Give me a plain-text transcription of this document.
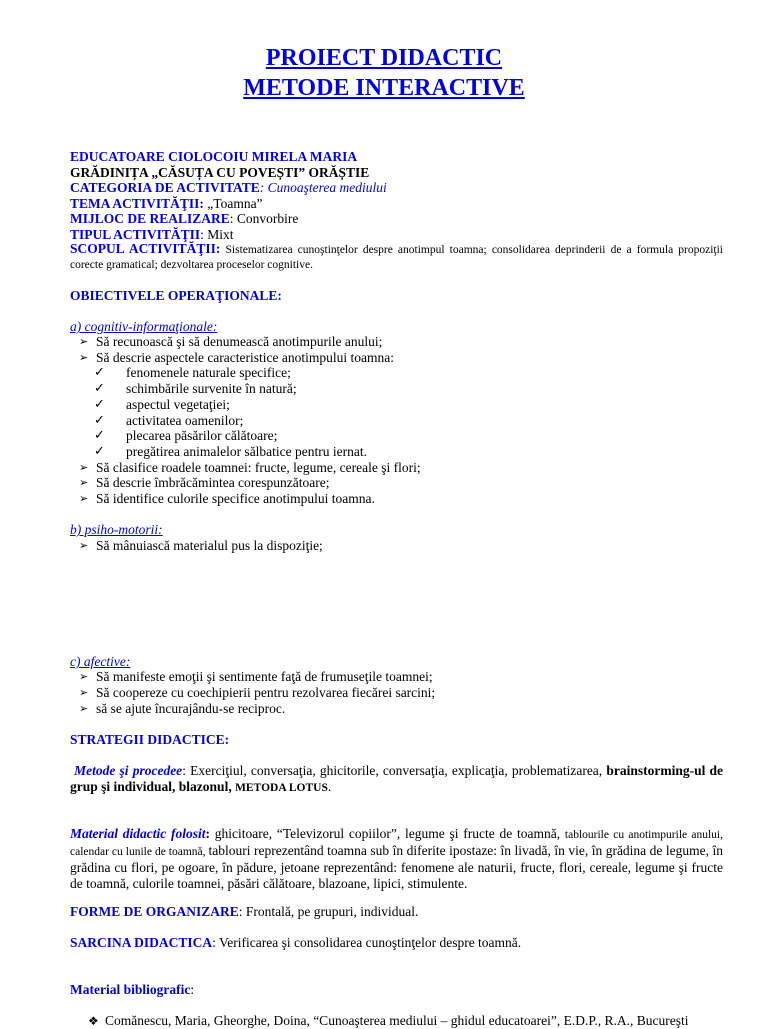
PROIECT DIDACTIC
METODE INTERACTIVE
EDUCATOARE CIOLOCOIU MIRELA MARIA
GRĂDINIȚA „CĂSUȚA CU POVEȘTI” ORĂȘTIE
CATEGORIA DE ACTIVITATE: Cunoaşterea mediului
TEMA ACTIVITĂŢII: „Toamna”
MIJLOC DE REALIZARE: Convorbire
TIPUL ACTIVITĂŢII: Mixt
SCOPUL ACTIVITĂŢII: Sistematizarea cunoştinţelor despre anotimpul toamna; consolidarea deprinderii de a formula propoziţii corecte gramatical; dezvoltarea proceselor cognitive.
OBIECTIVELE OPERAŢIONALE:
a) cognitiv-informaţionale:
➢ Să recunoască şi să denumească anotimpurile anului;
➢ Să descrie aspectele caracteristice anotimpului toamna:
✓ fenomenele naturale specifice;
✓ schimbările survenite în natură;
✓ aspectul vegetaţiei;
✓ activitatea oamenilor;
✓ plecarea păsărilor călătoare;
✓ pregătirea animalelor sălbatice pentru iernat.
➢ Să clasifice roadele toamnei: fructe, legume, cereale şi flori;
➢ Să descrie îmbrăcămintea corespunzătoare;
➢ Să identifice culorile specifice anotimpului toamna.
b) psiho-motorii:
➢ Să mânuiască materialul pus la dispoziţie;
c) afective:
➢ Să manifeste emoţii şi sentimente faţă de frumuseţile toamnei;
➢ Să coopereze cu coechipierii pentru rezolvarea fiecărei sarcini;
➢ să se ajute încurajându-se reciproc.
STRATEGII DIDACTICE:
Metode şi procedee: Exerciţiul, conversaţia, ghicitorile, conversaţia, explicaţia, problematizarea, brainstorming-ul de grup şi individual, blazonul, METODA LOTUS.
Material didactic folosit: ghicitoare, “Televizorul copiilor”, legume şi fructe de toamnă, tablourile cu anotimpurile anului, calendar cu lunile de toamnă, tablouri reprezentând toamna sub în diferite ipostaze: în livadă, în vie, în grădina de legume, în grădina cu flori, pe ogoare, în pădure, jetoane reprezentând: fenomene ale naturii, fructe, flori, cereale, legume şi fructe de toamnă, culorile toamnei, păsări călătoare, blazoane, lipici, stimulente.
FORME DE ORGANIZARE: Frontală, pe grupuri, individual.
SARCINA DIDACTICA: Verificarea şi consolidarea cunoştinţelor despre toamnă.
Material bibliografic:
❖ Comănescu, Maria, Gheorghe, Doina, “Cunoaşterea mediului – ghidul educatoarei”, E.D.P., R.A., Bucureşti
